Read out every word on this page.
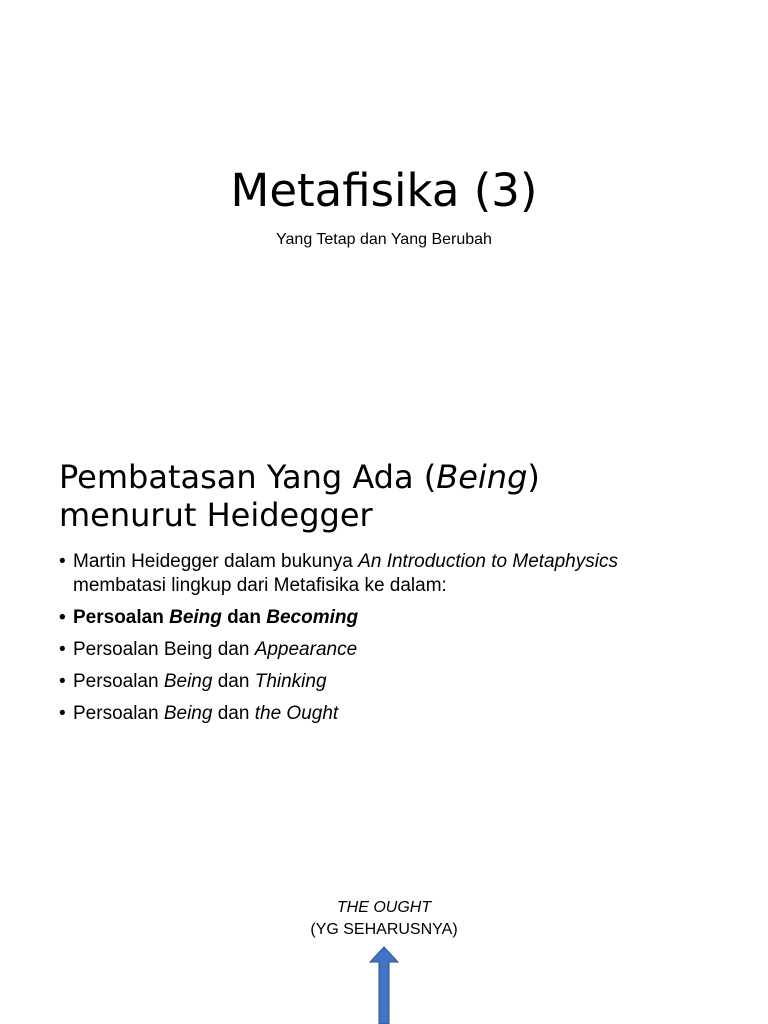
Metafisika (3)
Yang Tetap dan Yang Berubah
Pembatasan Yang Ada (Being)
menurut Heidegger
• Martin Heidegger dalam bukunya An Introduction to Metaphysics
membatasi lingkup dari Metafisika ke dalam:
• Persoalan Being dan Becoming
• Persoalan Being dan Appearance
• Persoalan Being dan Thinking
• Persoalan Being dan the Ought
THE OUGHT
(YG SEHARUSNYA)
